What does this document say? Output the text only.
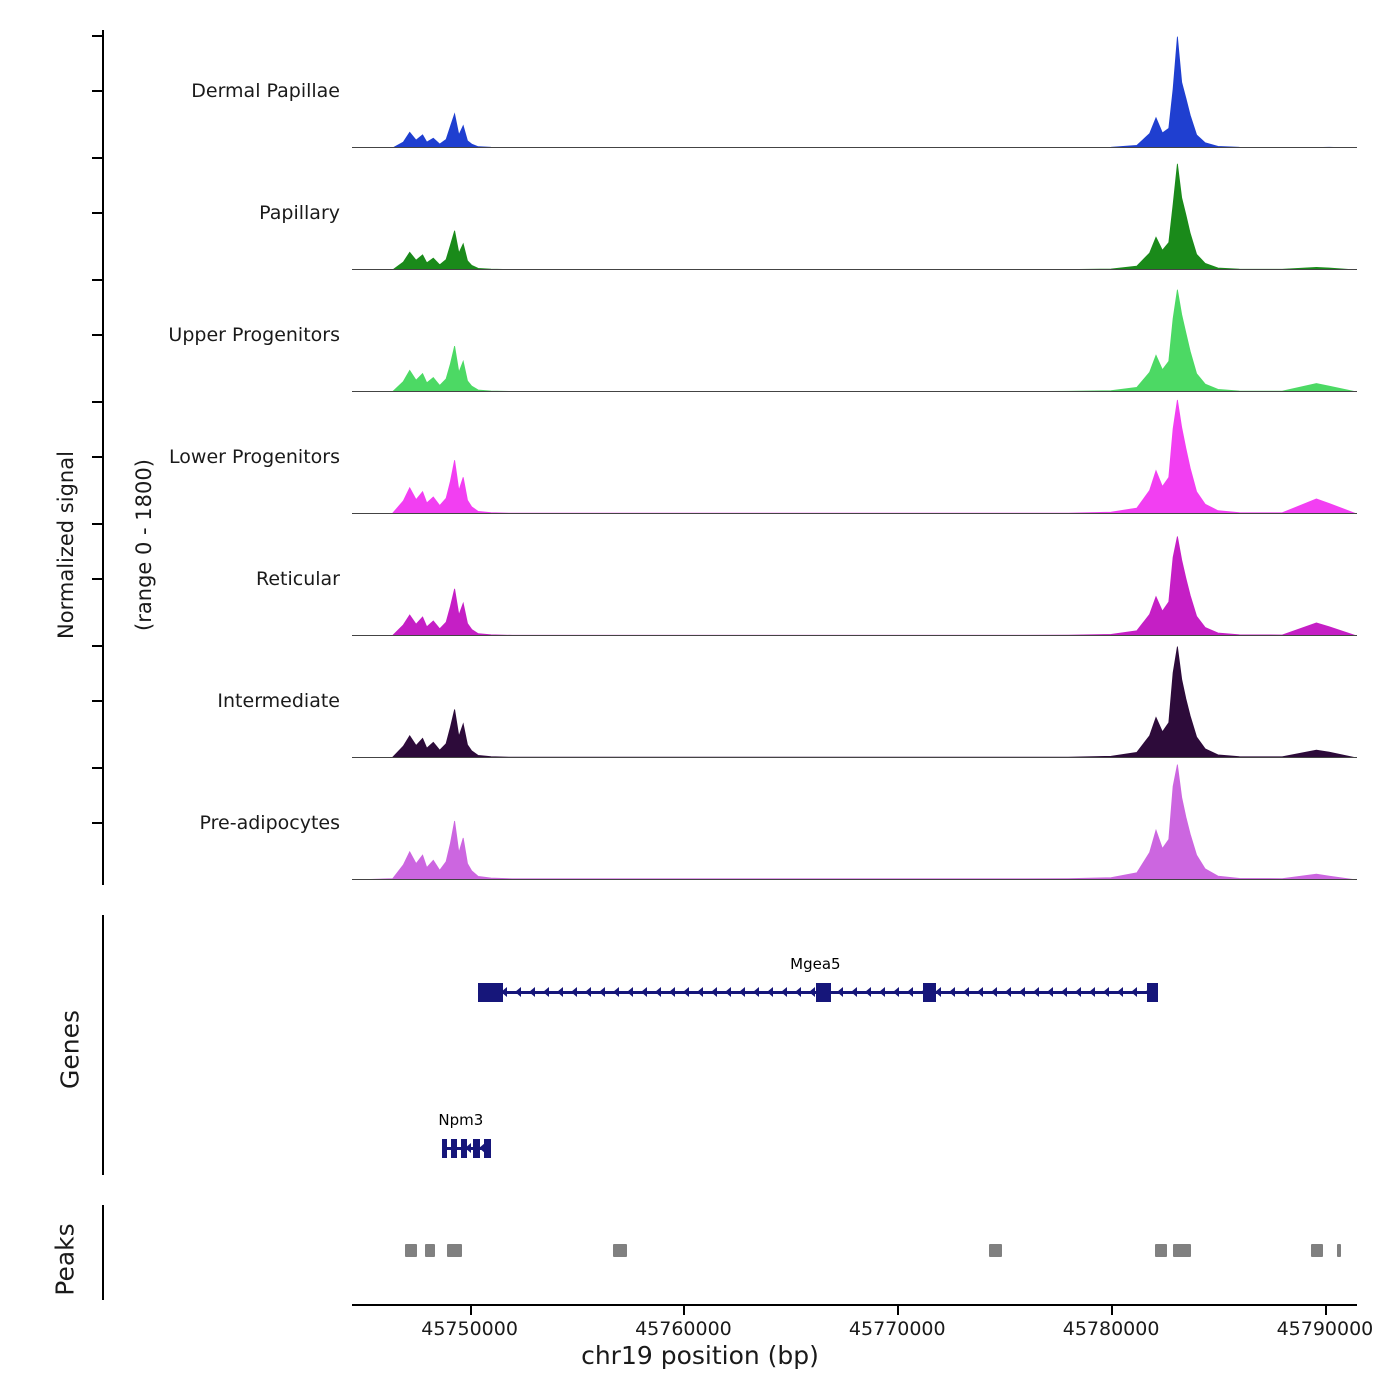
Normalized signal

	(range 0 - 1800)

Genes
Peaks
chr19 position (bp)
Dermal Papillae
Papillary
Upper Progenitors
Lower Progenitors
Reticular
Intermediate
Pre-adipocytes
Mgea5
Npm3
45750000	45760000	45770000	45780000	45790000
